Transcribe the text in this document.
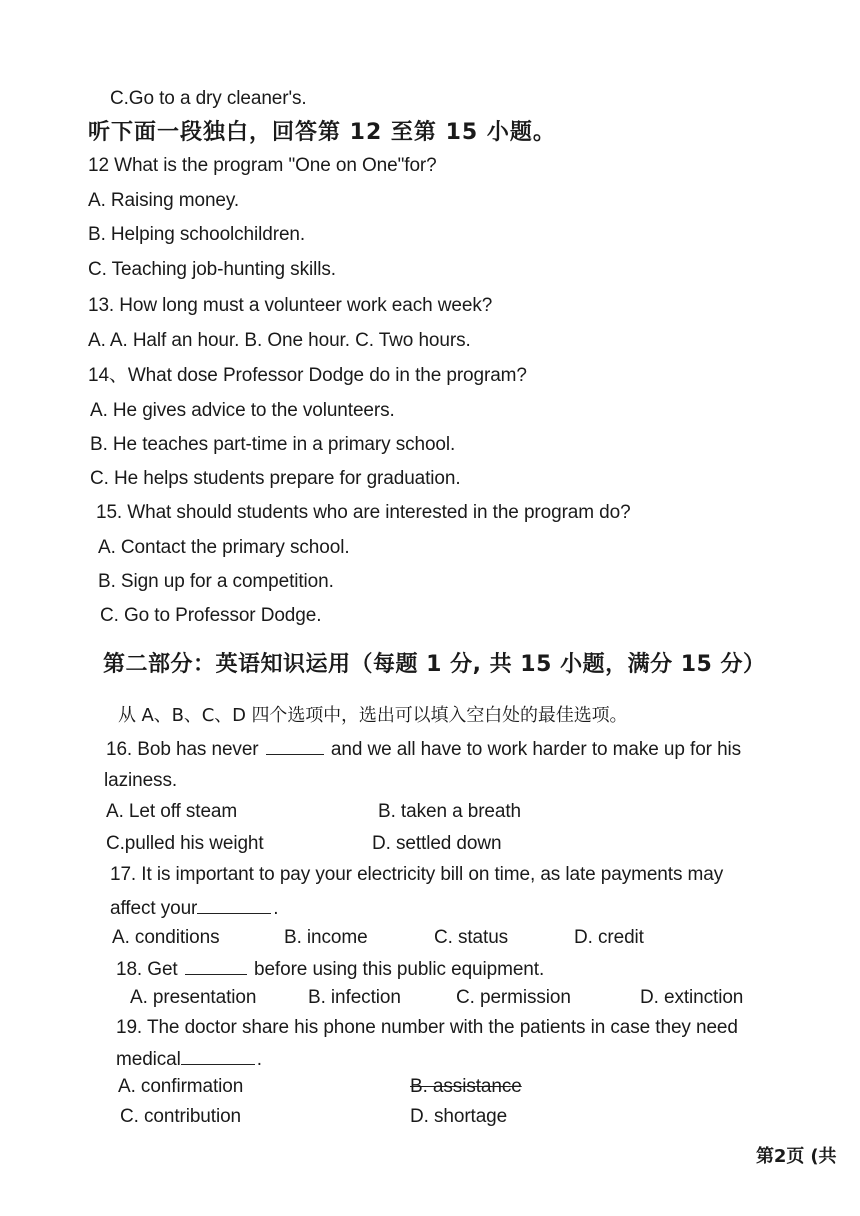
C.Go to a dry cleaner's.
听下面一段独白，回答第 12 至第 15 小题。
12 What is the program "One on One"for?
A. Raising money.
B. Helping schoolchildren.
C. Teaching job-hunting skills.
13. How long must a volunteer work each week?
A. A. Half an hour. B. One hour. C. Two hours.
14、What dose Professor Dodge do in the program?
A. He gives advice to the volunteers.
B. He teaches part-time in a primary school.
C. He helps students prepare for graduation.
15. What should students who are interested in the program do?
A. Contact the primary school.
B. Sign up for a competition.
C. Go to Professor Dodge.
第二部分：英语知识运用（每题 1 分, 共 15 小题，满分 15 分）
从 A、B、C、D 四个选项中，选出可以填入空白处的最佳选项。
16. Bob has never	and we all have to work harder to make up for his
laziness.
A. Let off steam	B. taken a breath
C.pulled his weight	D. settled down
17. It is important to pay your electricity bill on time, as late payments may
affect your	.
A. conditions	B. income	C. status	D. credit
18. Get	before using this public equipment.
A. presentation	B. infection	C. permission	D. extinction
19. The doctor share his phone number with the patients in case they need
medical	.
A. confirmation	B. assistance
C. contribution	D. shortage
第2页 (共
